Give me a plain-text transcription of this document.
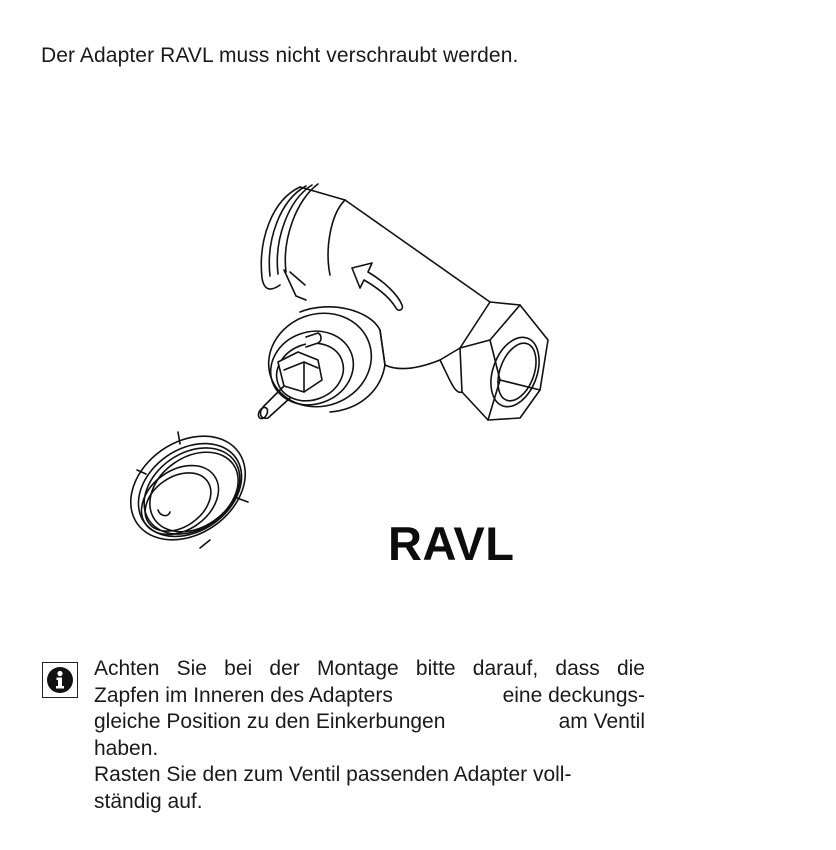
Der Adapter RAVL muss nicht verschraubt werden.
RAVL
Achten Sie bei der Montage bitte darauf, dass die
Zapfen im Inneren des Adapters	eine deckungs-
gleiche Position zu den Einkerbungen	am Ventil
haben.
Rasten Sie den zum Ventil passenden Adapter voll-
ständig auf.
